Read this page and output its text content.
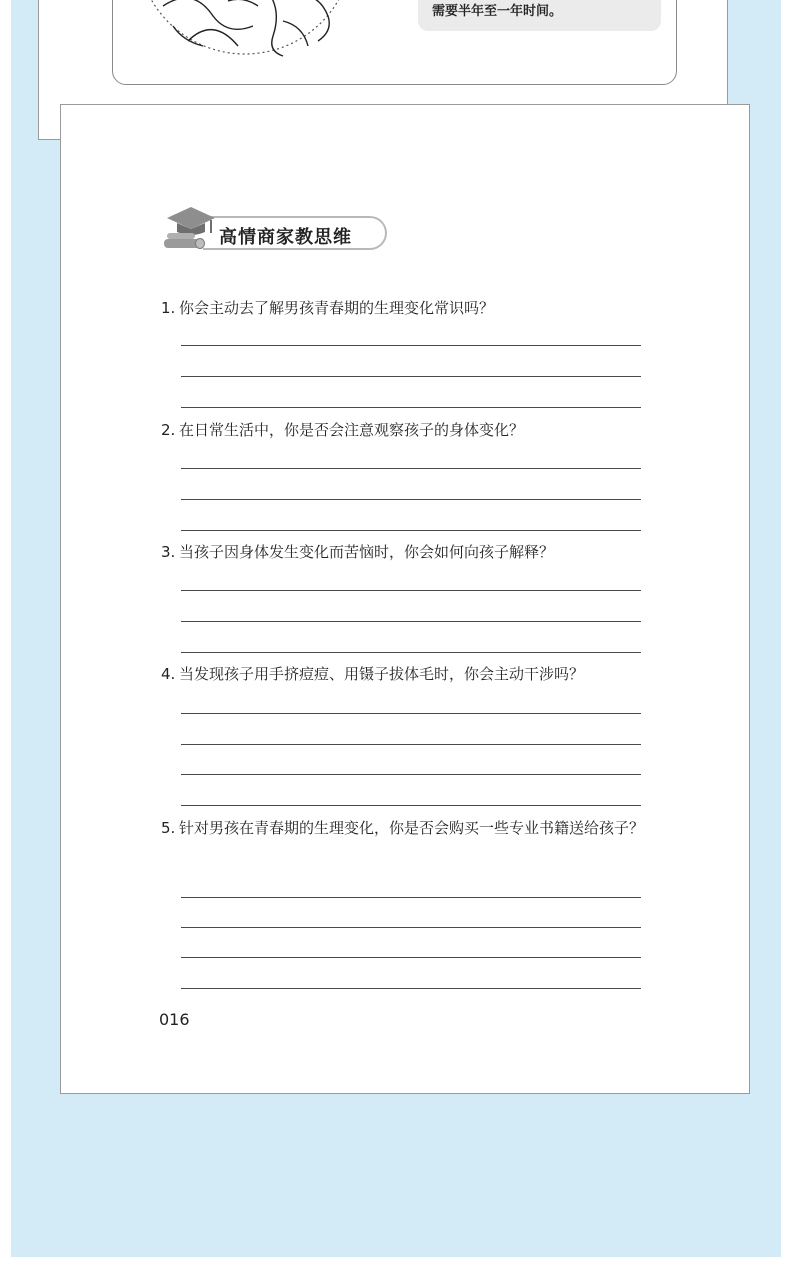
需要半年至一年时间。
高情商家教思维
1. 你会主动去了解男孩青春期的生理变化常识吗？
2. 在日常生活中，你是否会注意观察孩子的身体变化？
3. 当孩子因身体发生变化而苦恼时，你会如何向孩子解释？
4. 当发现孩子用手挤痘痘、用镊子拔体毛时，你会主动干涉吗？
5. 针对男孩在青春期的生理变化，你是否会购买一些专业书籍送给孩子？
016
